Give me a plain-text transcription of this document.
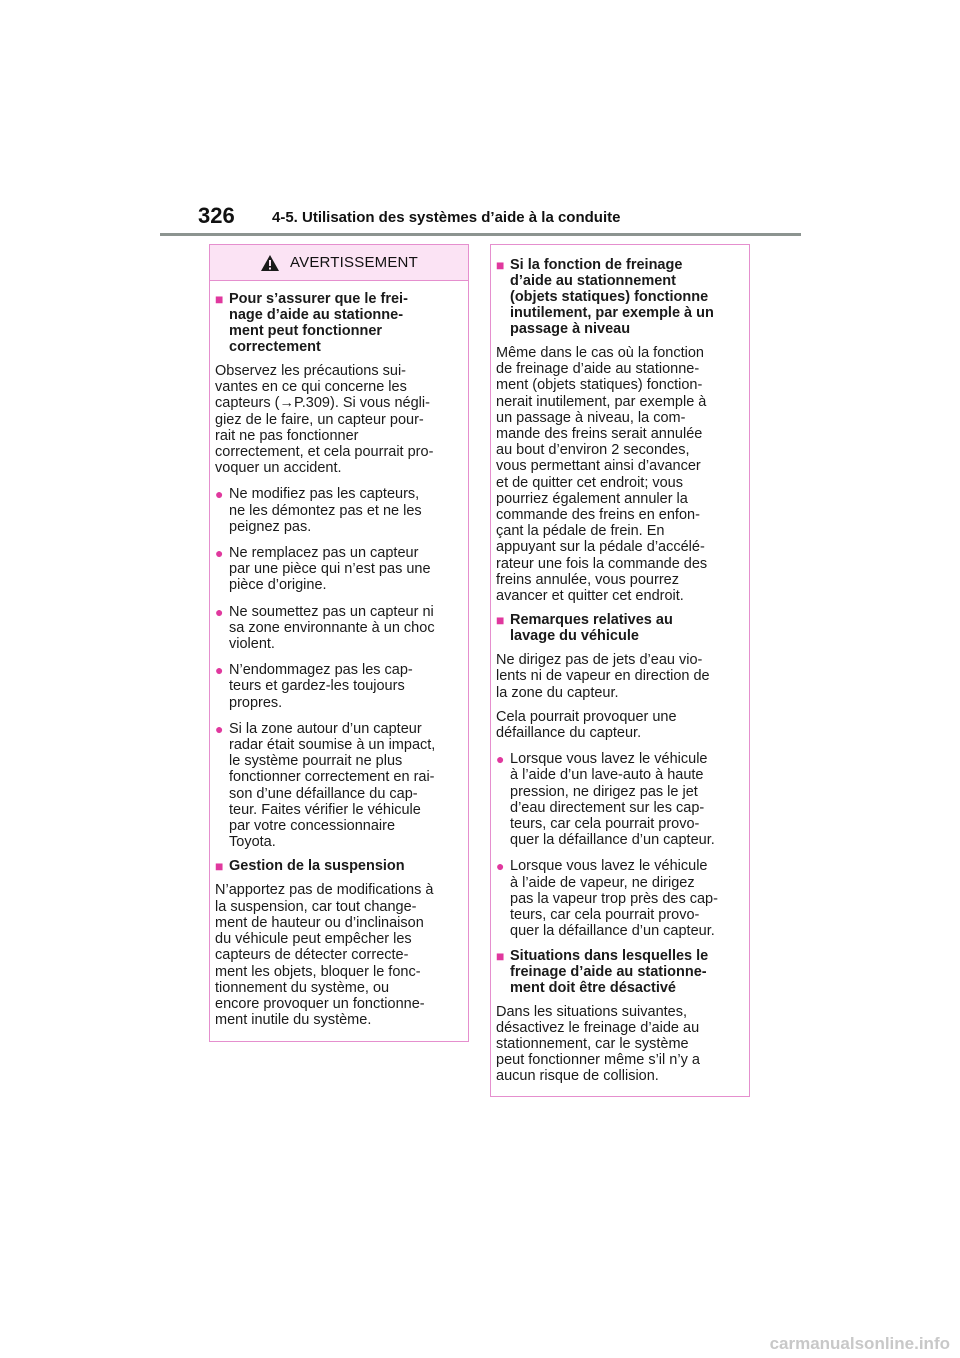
326 4-5. Utilisation des systèmes d’aide à la conduite
AVERTISSEMENT
■ Pour s’assurer que le frei-
nage d’aide au stationne-
ment peut fonctionner
correctement
Observez les précautions sui-
vantes en ce qui concerne les
capteurs (→P.309). Si vous négli-
giez de le faire, un capteur pour-
rait ne pas fonctionner
correctement, et cela pourrait pro-
voquer un accident.
● Ne modifiez pas les capteurs,
ne les démontez pas et ne les
peignez pas.
● Ne remplacez pas un capteur
par une pièce qui n’est pas une
pièce d’origine.
● Ne soumettez pas un capteur ni
sa zone environnante à un choc
violent.
● N’endommagez pas les cap-
teurs et gardez-les toujours
propres.
● Si la zone autour d’un capteur
radar était soumise à un impact,
le système pourrait ne plus
fonctionner correctement en rai-
son d’une défaillance du cap-
teur. Faites vérifier le véhicule
par votre concessionnaire
Toyota.
■ Gestion de la suspension
N’apportez pas de modifications à
la suspension, car tout change-
ment de hauteur ou d’inclinaison
du véhicule peut empêcher les
capteurs de détecter correcte-
ment les objets, bloquer le fonc-
tionnement du système, ou
encore provoquer un fonctionne-
ment inutile du système.
■ Si la fonction de freinage
d’aide au stationnement
(objets statiques) fonctionne
inutilement, par exemple à un
passage à niveau
Même dans le cas où la fonction
de freinage d’aide au stationne-
ment (objets statiques) fonction-
nerait inutilement, par exemple à
un passage à niveau, la com-
mande des freins serait annulée
au bout d’environ 2 secondes,
vous permettant ainsi d’avancer
et de quitter cet endroit; vous
pourriez également annuler la
commande des freins en enfon-
çant la pédale de frein. En
appuyant sur la pédale d’accélé-
rateur une fois la commande des
freins annulée, vous pourrez
avancer et quitter cet endroit.
■ Remarques relatives au
lavage du véhicule
Ne dirigez pas de jets d’eau vio-
lents ni de vapeur en direction de
la zone du capteur.
Cela pourrait provoquer une
défaillance du capteur.
● Lorsque vous lavez le véhicule
à l’aide d’un lave-auto à haute
pression, ne dirigez pas le jet
d’eau directement sur les cap-
teurs, car cela pourrait provo-
quer la défaillance d’un capteur.
● Lorsque vous lavez le véhicule
à l’aide de vapeur, ne dirigez
pas la vapeur trop près des cap-
teurs, car cela pourrait provo-
quer la défaillance d’un capteur.
■ Situations dans lesquelles le
freinage d’aide au stationne-
ment doit être désactivé
Dans les situations suivantes,
désactivez le freinage d’aide au
stationnement, car le système
peut fonctionner même s’il n’y a
aucun risque de collision.
carmanualsonline.info
